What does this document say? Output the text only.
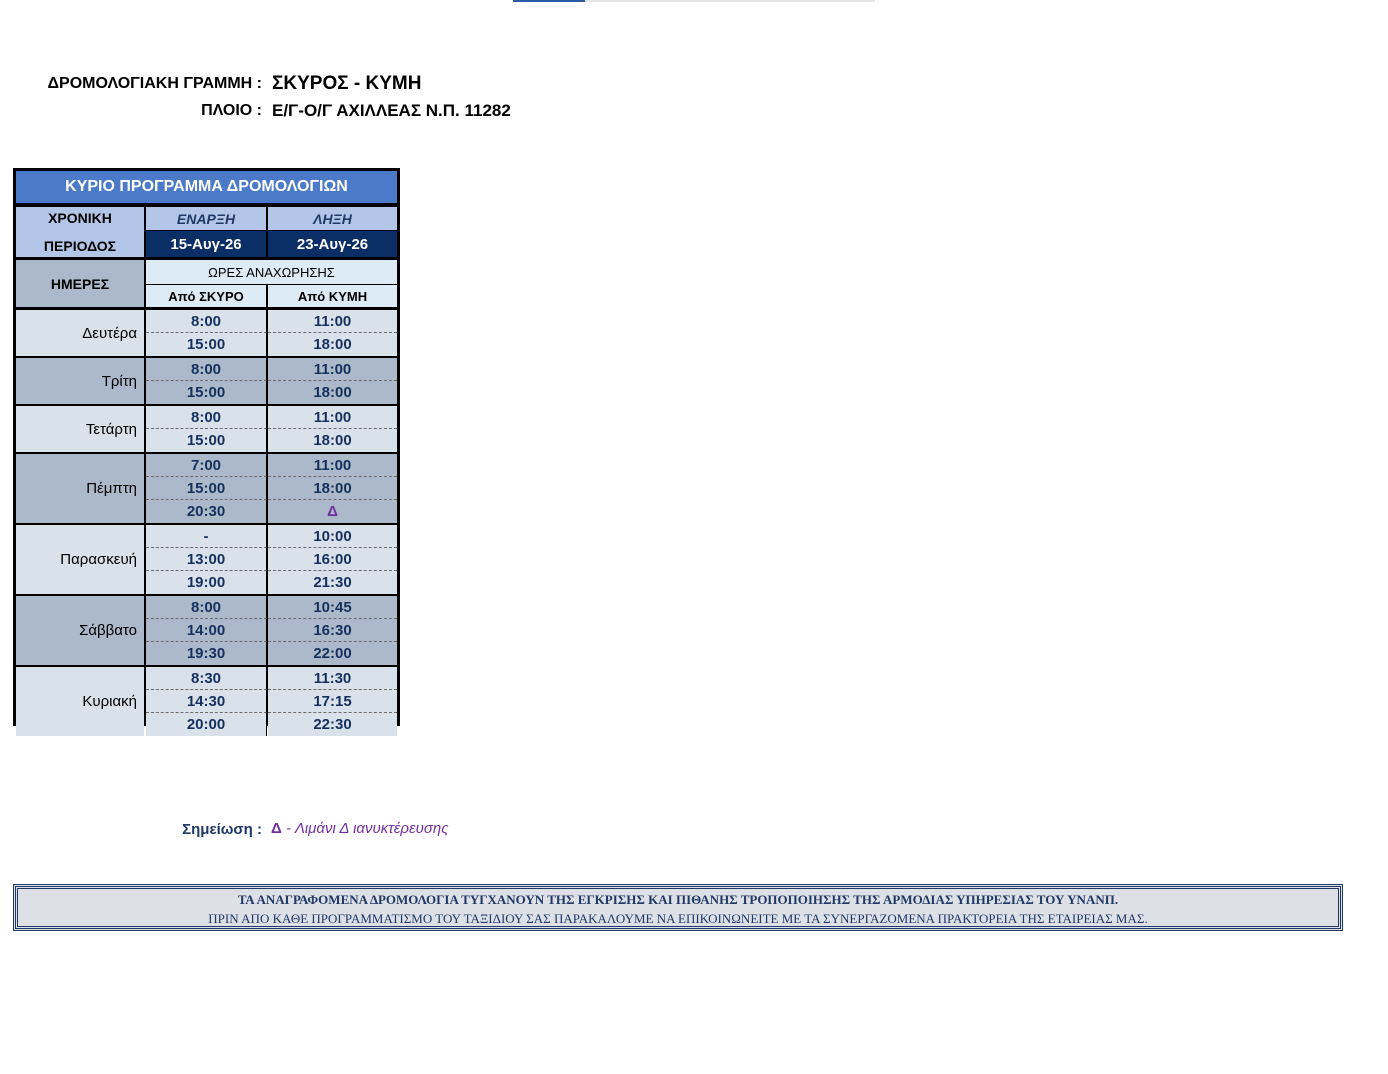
ΔΡΟΜΟΛΟΓΙΑΚΗ ΓΡΑΜΜΗ : ΣΚΥΡΟΣ - ΚΥΜΗ
ΠΛΟΙΟ : Ε/Γ-Ο/Γ ΑΧΙΛΛΕΑΣ Ν.Π. 11282
ΚΥΡΙΟ ΠΡΟΓΡΑΜΜΑ ΔΡΟΜΟΛΟΓΙΩΝ
ΧΡΟΝΙΚΗ
ΠΕΡΙΟΔΟΣ
ΕΝΑΡΞΗ	ΛΗΞΗ
15-Αυγ-26	23-Αυγ-26
ΗΜΕΡΕΣ
ΩΡΕΣ ΑΝΑΧΩΡΗΣΗΣ
Από ΣΚΥΡΟ	Από ΚΥΜΗ
Δευτέρα
8:00	11:00
15:00	18:00
Τρίτη
8:00	11:00
15:00	18:00
Τετάρτη
8:00	11:00
15:00	18:00
Πέμπτη
7:00	11:00
15:00	18:00
20:30	Δ
Παρασκευή
-	10:00
13:00	16:00
19:00	21:30
Σάββατο
8:00	10:45
14:00	16:30
19:30	22:00
Κυριακή
8:30	11:30
14:30	17:15
20:00	22:30
Σημείωση : Δ - Λιμάνι Δ ιανυκτέρευσης
ΤΑ ΑΝΑΓΡΑΦΟΜΕΝΑ ΔΡΟΜΟΛΟΓΙΑ ΤΥΓΧΑΝΟΥΝ ΤΗΣ ΕΓΚΡΙΣΗΣ ΚΑΙ ΠΙΘΑΝΗΣ ΤΡΟΠΟΠΟΙΗΣΗΣ ΤΗΣ ΑΡΜΟΔΙΑΣ ΥΠΗΡΕΣΙΑΣ ΤΟΥ ΥΝΑΝΠ.
ΠΡΙΝ ΑΠΟ ΚΑΘΕ ΠΡΟΓΡΑΜΜΑΤΙΣΜΟ ΤΟΥ ΤΑΞΙΔΙΟΥ ΣΑΣ ΠΑΡΑΚΑΛΟΥΜΕ ΝΑ ΕΠΙΚΟΙΝΩΝΕΙΤΕ ΜΕ ΤΑ ΣΥΝΕΡΓΑΖΟΜΕΝΑ ΠΡΑΚΤΟΡΕΙΑ ΤΗΣ ΕΤΑΙΡΕΙΑΣ ΜΑΣ.
